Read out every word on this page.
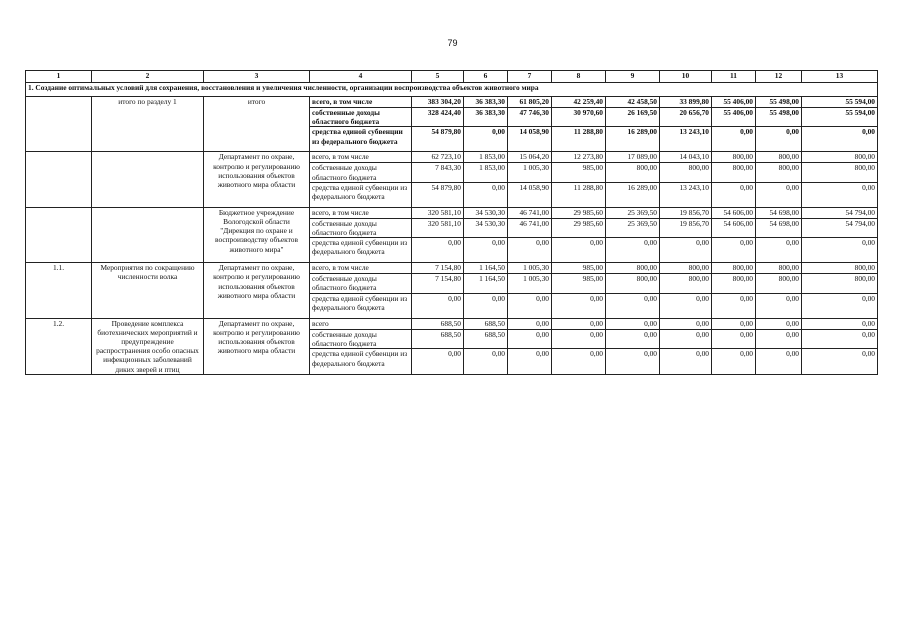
79
1	2	3	4	5	6	7	8	9	10	11	12	13
1. Создание оптимальных условий для сохранения, восстановления и увеличения численности, организации воспроизводства объектов животного мира												
	итого по разделу 1	итого	всего, в том числе	383 304,20	36 383,30	61 805,20	42 259,40	42 458,50	33 899,80	55 406,00	55 498,00	55 594,00
			собственные доходы областного бюджета	328 424,40	36 383,30	47 746,30	30 970,60	26 169,50	20 656,70	55 406,00	55 498,00	55 594,00
			средства единой субвенции из федерального бюджета	54 879,80	0,00	14 058,90	11 288,80	16 289,00	13 243,10	0,00	0,00	0,00
		Департамент по охране, контролю и регулированию использования объектов животного мира области	всего, в том числе	62 723,10	1 853,00	15 064,20	12 273,80	17 089,00	14 043,10	800,00	800,00	800,00
			собственные доходы областного бюджета	7 843,30	1 853,00	1 005,30	985,00	800,00	800,00	800,00	800,00	800,00
			средства единой субвенции из федерального бюджета	54 879,80	0,00	14 058,90	11 288,80	16 289,00	13 243,10	0,00	0,00	0,00
		Бюджетное учреждение Вологодской области "Дирекция по охране и воспроизводству объектов животного мира"	всего, в том числе	320 581,10	34 530,30	46 741,00	29 985,60	25 369,50	19 856,70	54 606,00	54 698,00	54 794,00
			собственные доходы областного бюджета	320 581,10	34 530,30	46 741,00	29 985,60	25 369,50	19 856,70	54 606,00	54 698,00	54 794,00
			средства единой субвенции из федерального бюджета	0,00	0,00	0,00	0,00	0,00	0,00	0,00	0,00	0,00
1.1.	Мероприятия по сокращению численности волка	Департамент по охране, контролю и регулированию использования объектов животного мира области	всего, в том числе	7 154,80	1 164,50	1 005,30	985,00	800,00	800,00	800,00	800,00	800,00
			собственные доходы областного бюджета	7 154,80	1 164,50	1 005,30	985,00	800,00	800,00	800,00	800,00	800,00
			средства единой субвенции из федерального бюджета	0,00	0,00	0,00	0,00	0,00	0,00	0,00	0,00	0,00
1.2.	Проведение комплекса биотехнических мероприятий и предупреждение распространения особо опасных инфекционных заболеваний диких зверей и птиц	Департамент по охране, контролю и регулированию использования объектов животного мира области	всего	688,50	688,50	0,00	0,00	0,00	0,00	0,00	0,00	0,00
			собственные доходы областного бюджета	688,50	688,50	0,00	0,00	0,00	0,00	0,00	0,00	0,00
			средства единой субвенции из федерального бюджета	0,00	0,00	0,00	0,00	0,00	0,00	0,00	0,00	0,00
